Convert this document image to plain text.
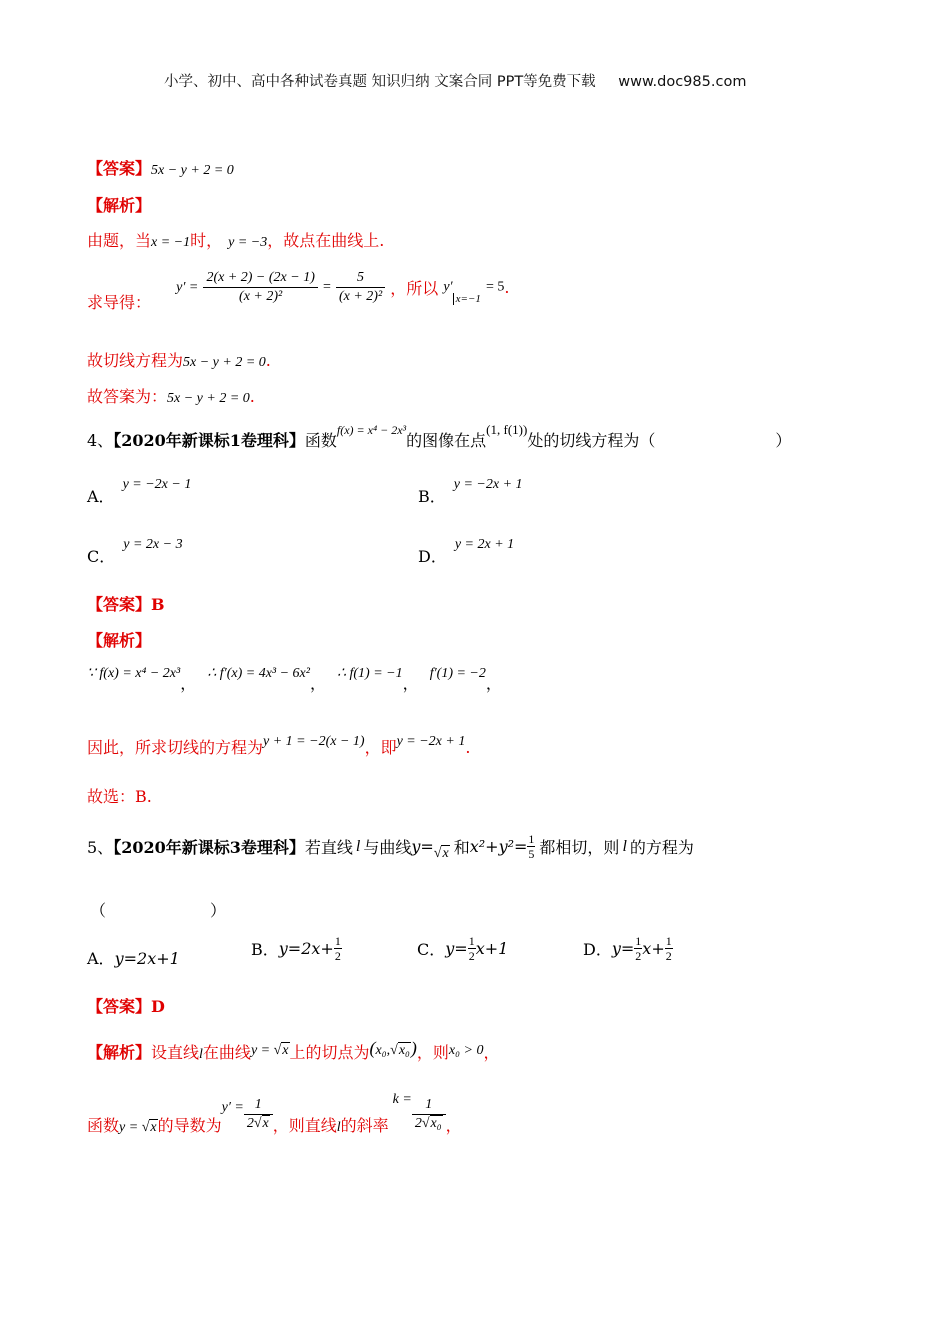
小学、初中、高中各种试卷真题 知识归纳 文案合同 PPT等免费下载 www.doc985.com
【答案】5x − y + 2 = 0
【解析】
由题，当x = −1时， y = −3，故点在曲线上.
求导得： $y' = \frac{2(x + 2) - (2x - 1)}{\text{(x + 2)²}} = \frac{5}{\text{(x + 2)²}}$ ，所以 $y'_{x=-1} = 5$.
故切线方程为5x − y + 2 = 0.
故答案为：5x − y + 2 = 0.
4、【2020年新课标1卷理科】函数$^{f(x) = x^4 - 2x^3}$的图像在点$^{(1, f(1))}$处的切线方程为（	）
A．y = −2x − 1
B．y = −2x + 1
C．y = 2x − 3
D．y = 2x + 1
【答案】B
【解析】
∵ f(x) = x⁴ − 2x³， ∴ f′(x) = 4x³ − 6x²， ∴ f(1) = −1， f′(1) = −2，
因此，所求切线的方程为y + 1 = −2(x − 1)，即y = −2x + 1.
故选：B.
5、【2020年新课标3卷理科】若直线 l 与曲线y=√x 和$x^2+y^2= \frac{1}{5}$ 都相切，则 l 的方程为
（	）
A．y=2x+1	B．$y=2x+ \frac{1}{2}$	C．$y= \frac{1}{2} x+1$	D．$y= \frac{1}{2} x+ \frac{1}{2}$
【答案】D
【解析】设直线l在曲线y = √x上的切点为(x₀,√x₀)，则x₀ > 0，
函数y = √x的导数为$y' = \frac{1}{2√x}$ ，则直线l的斜率$k = \frac{1}{\text{2√x₀}}$ ，
